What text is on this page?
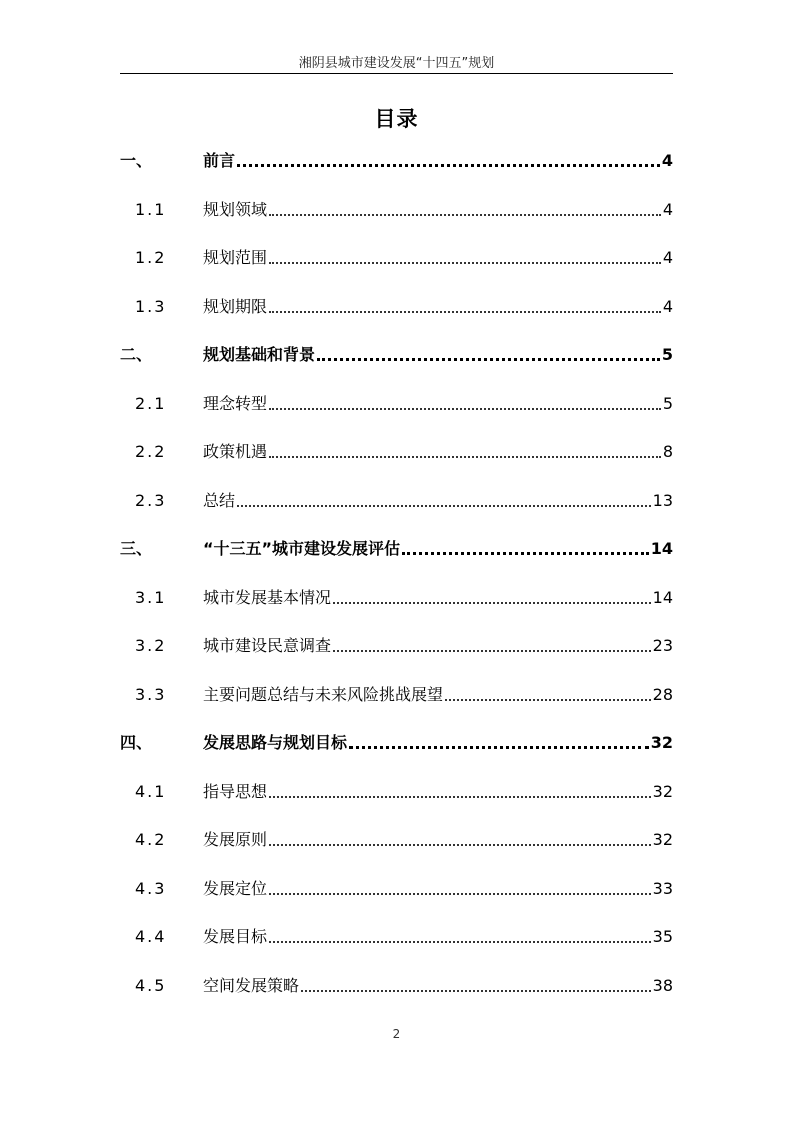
湘阴县城市建设发展“十四五”规划
目录
一、	前言	4
1.1	规划领域	4
1.2	规划范围	4
1.3	规划期限	4
二、	规划基础和背景	5
2.1	理念转型	5
2.2	政策机遇	8
2.3	总结	13
三、	“十三五”城市建设发展评估	14
3.1	城市发展基本情况	14
3.2	城市建设民意调查	23
3.3	主要问题总结与未来风险挑战展望	28
四、	发展思路与规划目标	32
4.1	指导思想	32
4.2	发展原则	32
4.3	发展定位	33
4.4	发展目标	35
4.5	空间发展策略	38
2
